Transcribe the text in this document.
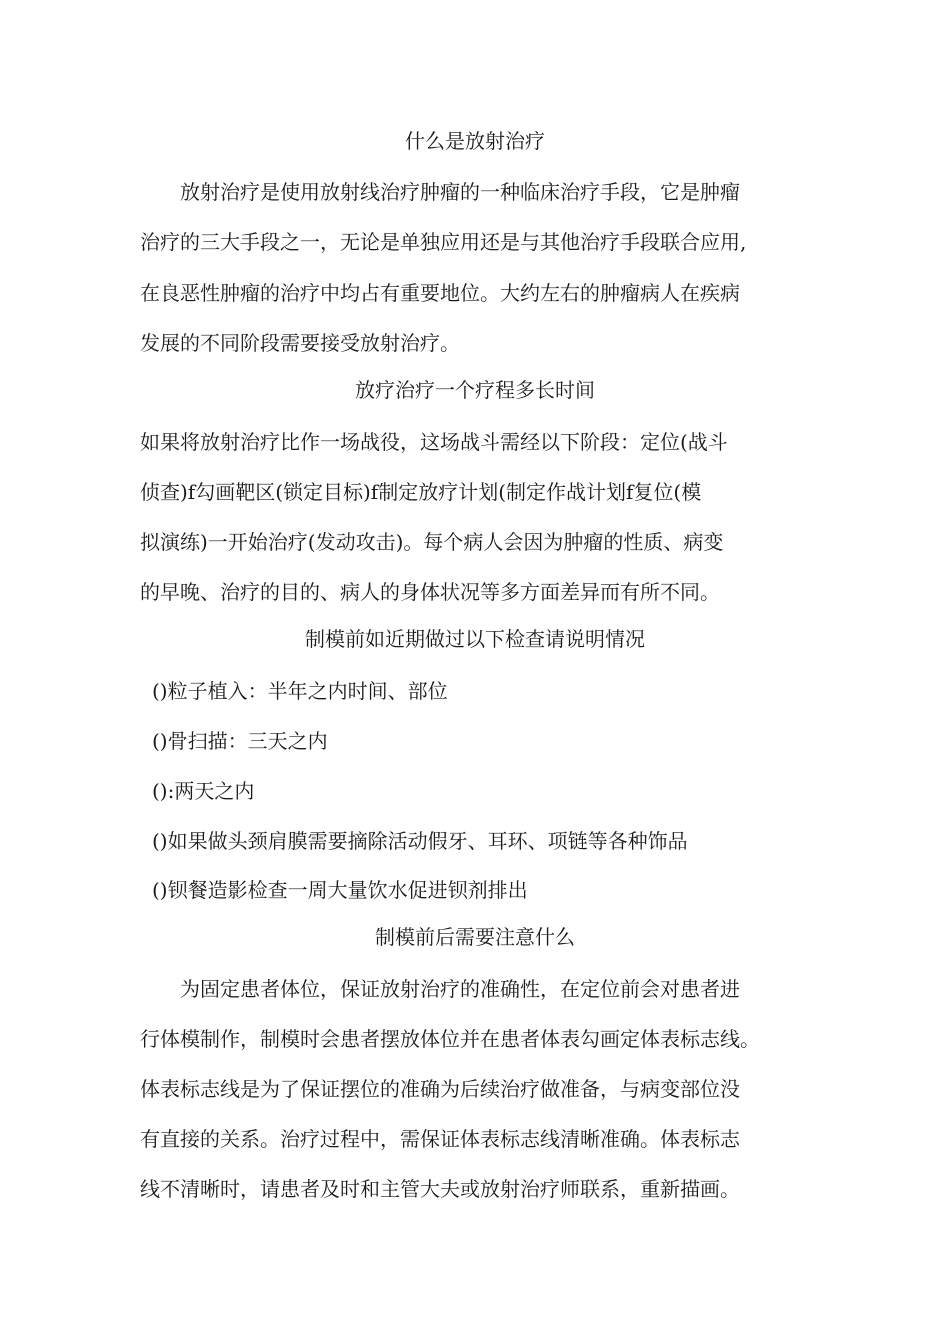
什么是放射治疗
放射治疗是使用放射线治疗肿瘤的一种临床治疗手段，它是肿瘤
治疗的三大手段之一，无论是单独应用还是与其他治疗手段联合应用,
在良恶性肿瘤的治疗中均占有重要地位。大约左右的肿瘤病人在疾病
发展的不同阶段需要接受放射治疗。
放疗治疗一个疗程多长时间
如果将放射治疗比作一场战役，这场战斗需经以下阶段：定位(战斗
侦查)f勾画靶区(锁定目标)f制定放疗计划(制定作战计划f复位(模
拟演练)一开始治疗(发动攻击)。每个病人会因为肿瘤的性质、病变
的早晚、治疗的目的、病人的身体状况等多方面差异而有所不同。
制模前如近期做过以下检查请说明情况
()粒子植入：半年之内时间、部位
()骨扫描：三天之内
():两天之内
()如果做头颈肩膜需要摘除活动假牙、耳环、项链等各种饰品
()钡餐造影检查一周大量饮水促进钡剂排出
制模前后需要注意什么
为固定患者体位，保证放射治疗的准确性，在定位前会对患者进
行体模制作，制模时会患者摆放体位并在患者体表勾画定体表标志线。
体表标志线是为了保证摆位的准确为后续治疗做准备，与病变部位没
有直接的关系。治疗过程中，需保证体表标志线清晰准确。体表标志
线不清晰时，请患者及时和主管大夫或放射治疗师联系，重新描画。
